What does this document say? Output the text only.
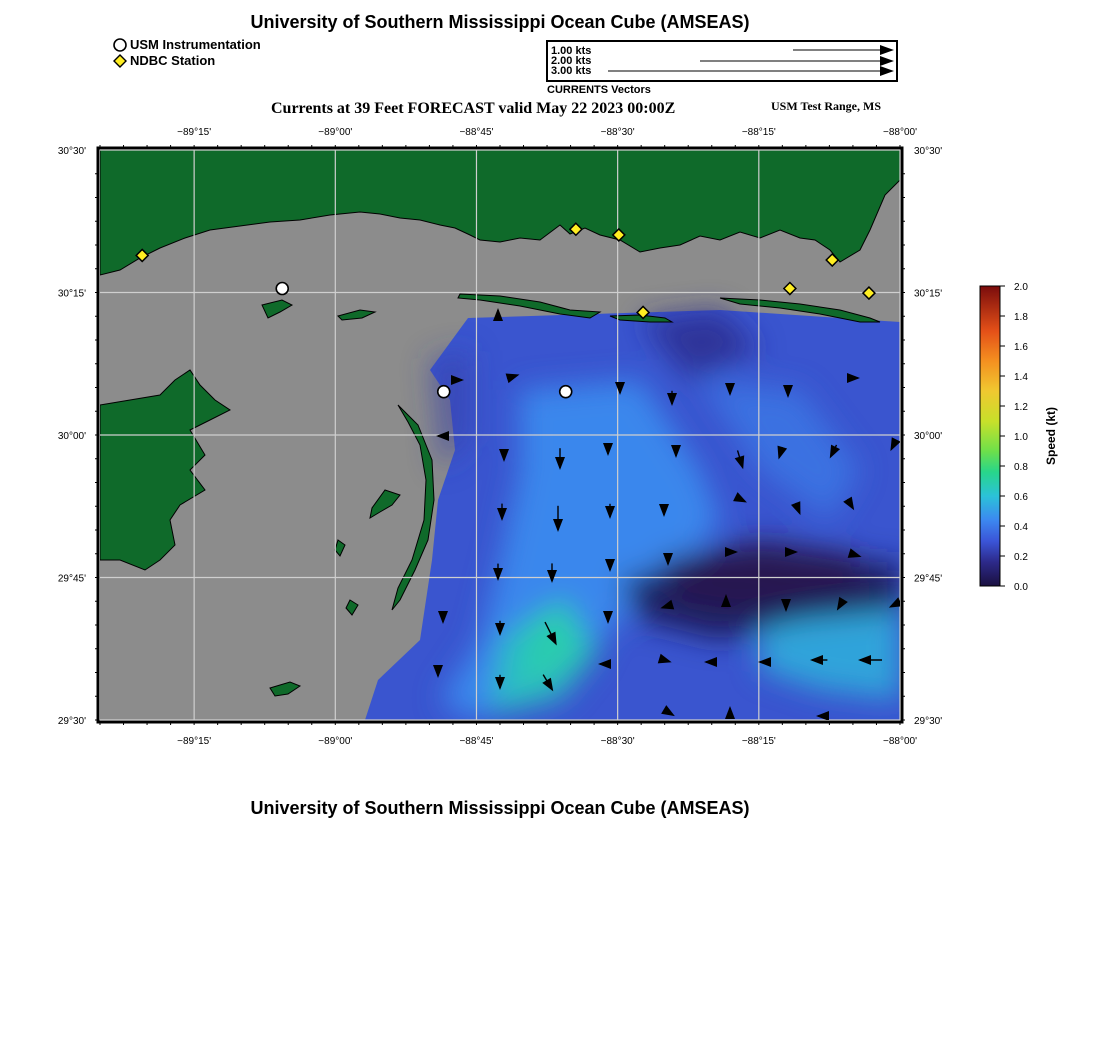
University of Southern Mississippi Ocean Cube (AMSEAS)
USM Instrumentation
NDBC Station
1.00 kts
2.00 kts
3.00 kts
CURRENTS Vectors
Currents at 39 Feet FORECAST valid May 22 2023 00:00Z	USM Test Range, MS
−89°15'
−89°15'
−89°00'
−89°00'
−88°45'
−88°45'
−88°30'
−88°30'
−88°15'
−88°15'
−88°00'
−88°00'
30°30'	30°30'
30°15'	30°15'
30°00'	30°00'
29°45'	29°45'
29°30'	29°30'
2.0
1.8
1.6
1.4
1.2
1.0
0.8
0.6
0.4
0.2
0.0
Speed (kt)
University of Southern Mississippi Ocean Cube (AMSEAS)
